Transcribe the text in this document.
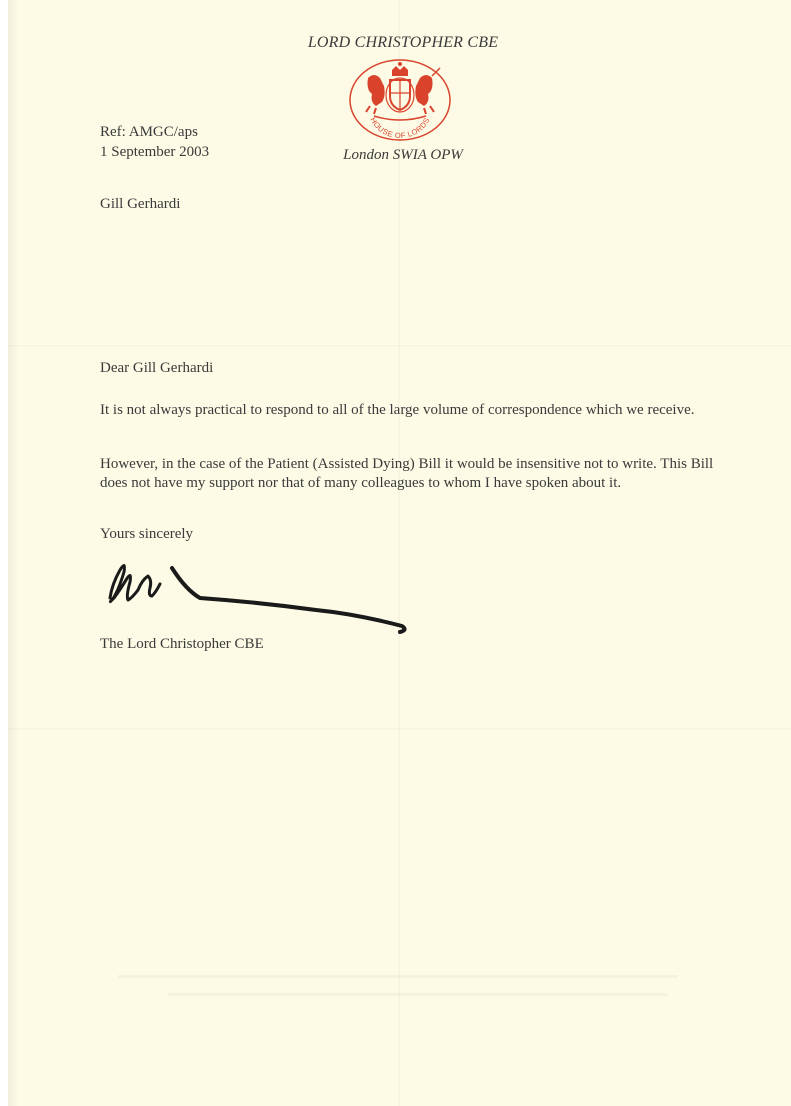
LORD CHRISTOPHER CBE
HOUSE OF LORDS
London SWIA OPW
Ref: AMGC/aps
1 September 2003
Gill Gerhardi
Dear Gill Gerhardi
It is not always practical to respond to all of the large volume of correspondence which we receive.
However, in the case of the Patient (Assisted Dying) Bill it would be insensitive not to write. This Bill does not have my support nor that of many colleagues to whom I have spoken about it.
Yours sincerely
The Lord Christopher CBE
